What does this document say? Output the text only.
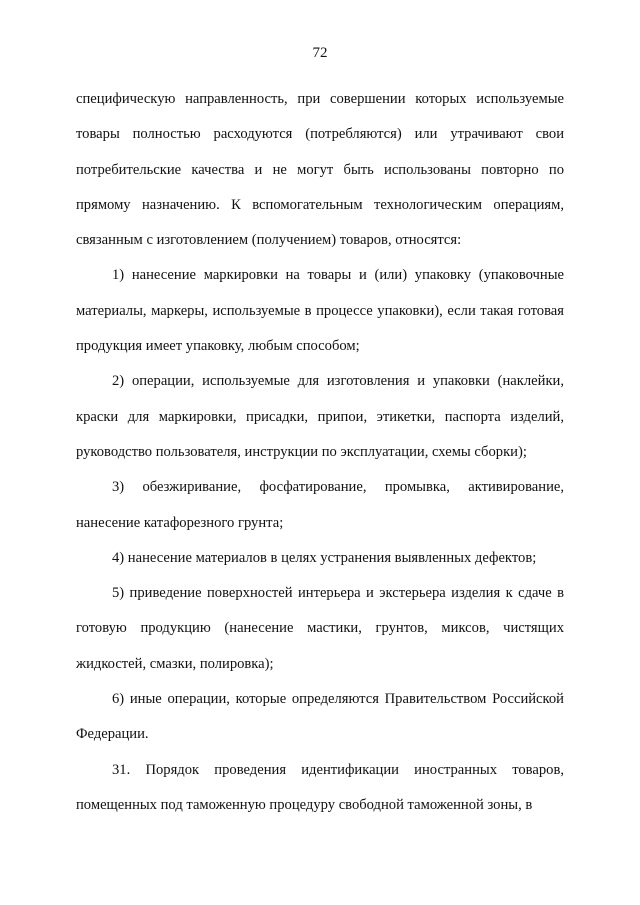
72

специфическую направленность, при совершении которых используемые товары полностью расходуются (потребляются) или утрачивают свои потребительские качества и не могут быть использованы повторно по прямому назначению. К вспомогательным технологическим операциям, связанным с изготовлением (получением) товаров, относятся:

1) нанесение маркировки на товары и (или) упаковку (упаковочные материалы, маркеры, используемые в процессе упаковки), если такая готовая продукция имеет упаковку, любым способом;

2) операции, используемые для изготовления и упаковки (наклейки, краски для маркировки, присадки, припои, этикетки, паспорта изделий, руководство пользователя, инструкции по эксплуатации, схемы сборки);

3) обезжиривание, фосфатирование, промывка, активирование, нанесение катафорезного грунта;

4) нанесение материалов в целях устранения выявленных дефектов;

5) приведение поверхностей интерьера и экстерьера изделия к сдаче в готовую продукцию (нанесение мастики, грунтов, миксов, чистящих жидкостей, смазки, полировка);

6) иные операции, которые определяются Правительством Российской Федерации.

31. Порядок проведения идентификации иностранных товаров, помещенных под таможенную процедуру свободной таможенной зоны, в
